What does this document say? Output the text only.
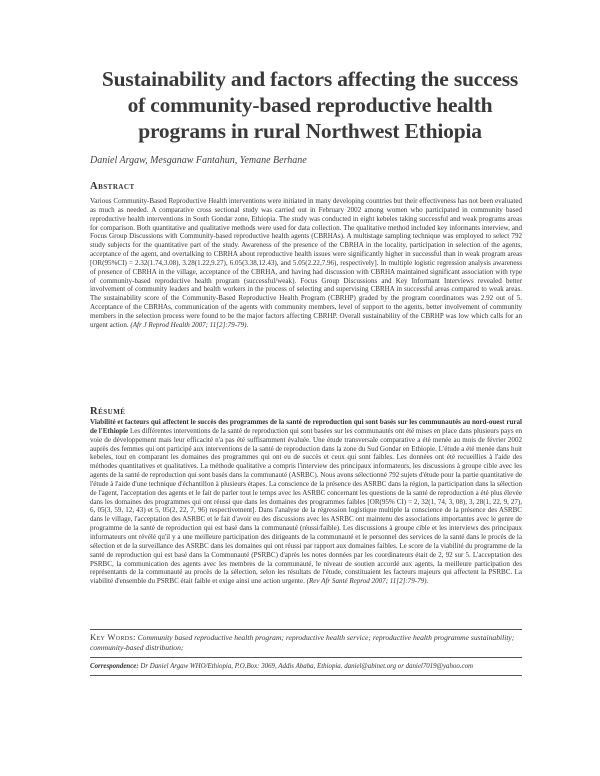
Sustainability and factors affecting the success of community-based reproductive health programs in rural Northwest Ethiopia
Daniel Argaw, Mesganaw Fantahun, Yemane Berhane
Abstract
Various Community-Based Reproductive Health interventions were initiated in many developing countries but their effectiveness has not been evaluated as much as needed. A comparative cross sectional study was carried out in February 2002 among women who participated in community based reproductive health interventions in South Gondar zone, Ethiopia. The study was conducted in eight kebeles taking successful and weak programs areas for comparison. Both quantitative and qualitative methods were used for data collection. The qualitative method included key informants interview, and Focus Group Discussions with Community-based reproductive health agents (CBRHAs). A multistage sampling technique was employed to select 792 study subjects for the quantitative part of the study. Awareness of the presence of the CBRHA in the locality, participation in selection of the agents, acceptance of the agent, and overtalking to CBRHA about reproductive health issues were significantly higher in successful than in weak program areas [OR(95%CI) = 2.32(1.74,3.08), 3.28(1.22,9.27), 6.05(3.38,12.43), and 5.05(2.22,7.96), respectively]. In multiple logistic regression analysis awareness of presence of CBRHA in the village, acceptance of the CBRHA, and having had discussion with CBRHA maintained significant association with type of community-based reproductive health program (successful/weak). Focus Group Discussions and Key Informant Interviews revealed better involvement of community leaders and health workers in the process of selecting and supervising CBRHA in successful areas compared to weak areas. The sustainability score of the Community-Based Reproductive Health Program (CBRHP) graded by the program coordinators was 2.92 out of 5. Acceptance of the CBRHAs, communication of the agents with community members, level of support to the agents, better involvement of community members in the selection process were found to be the major factors affecting CBRHP. Overall sustainability of the CBRHP was low which calls for an urgent action. (Afr J Reprod Health 2007; 11[2]:79-79).
Résumé
Viabilité et facteurs qui affectent le succès des programmes de la santé de reproduction qui sont basés sur les communautés au nord-ouest rural de l'Ethiopie Les différentes interventions de la santé de reproduction qui sont basées sur les communautés ont été mises en place dans plusieurs pays en voie de développement mais leur efficacité n'a pas été suffisamment évaluée. Une étude transversale comparative a été menée au mois de février 2002 auprès des femmes qui ont participé aux interventions de la santé de reproduction dans la zone du Sud Gondar en Ethiopie. L'étude a été menée dans huit kebeles, tout en comparant les domaines des programmes qui ont eu de succès et ceux qui sont faibles. Les données ont été recueillies à l'aide des méthodes quantitatives et qualitatives. La méthode qualitative a compris l'interview des principaux informateurs, les discussions à groupe cible avec les agents de la santé de reproduction qui sont basés dans la communauté (ASRBC). Nous avons sélectionné 792 sujets d'étude pour la partie quantitative de l'étude à l'aide d'une technique d'échantillon à plusieurs étapes. La conscience de la présence des ASRBC dans la région, la participation dans la sélection de l'agent, l'acceptation des agents et le fait de parler tout le temps avec les ASRBC concernant les questions de la santé de reproduction a été plus élevée dans les domaines des programmes qui ont réussi que dans les domaines des programmes faibles [OR(95% CI) = 2, 32(1, 74, 3, 08), 3, 28(1, 22, 9, 27), 6, 05(3, 59, 12, 43) et 5, 05(2, 22, 7, 96) respectivement]. Dans l'analyse de la régression logistique multiple la conscience de la présence des ASRBC dans le village, l'acceptation des ASRBC et le fait d'avoir eu des discussions avec les ASRBC ont maintenu des associations importantes avec le genre de programme de la santé de reproduction qui est basé dans la communauté (réussi/faible). Les discussions à groupe cible et les interviews des principaux informateurs ont révélé qu'il y a une meilleure participation des dirigeants de la communauté et le personnel des services de la santé dans le procès de la sélection et de la surveillance des ASRBC dans les domaines qui ont réussi par rapport aux domaines faibles. Le score de la viabilité du programme de la santé de reproduction qui est basé dans la Communauté (PSRBC) d'après les notes données par les coordinateurs était de 2, 92 sur 5. L'acceptation des PSRBC, la communication des agents avec les membres de la communauté, le niveau de soutien accordé aux agents, la meilleure participation des représentants de la communauté au procès de la sélection, selon les résultats de l'étude, constituaient les facteurs majeurs qui affectent la PSRBC. La viabilité d'ensemble du PSRBC était faible et exige ainsi une action urgente. (Rev Afr Santé Reprod 2007; 11[2]:79-79).
Key Words: Community based reproductive health program; reproductive health service; reproductive health programme sustainability; community-based distribution;
Correspondence: Dr Daniel Argaw WHO/Ethiopia, P.O.Box: 3069, Addis Ababa, Ethiopia. daniel@abinet.org or daniel7019@yahoo.com
